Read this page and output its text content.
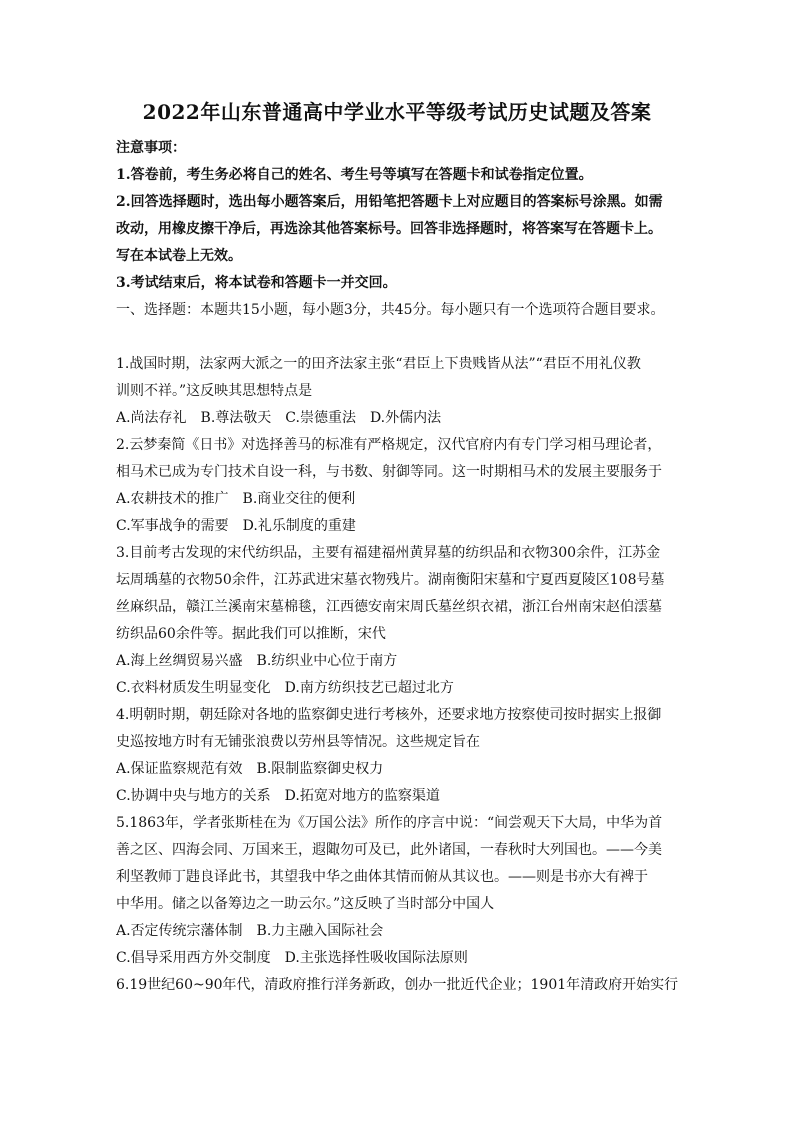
2022年山东普通高中学业水平等级考试历史试题及答案
注意事项：
1.答卷前，考生务必将自己的姓名、考生号等填写在答题卡和试卷指定位置。
2.回答选择题时，选出每小题答案后，用铅笔把答题卡上对应题目的答案标号涂黑。如需
改动，用橡皮擦干净后，再选涂其他答案标号。回答非选择题时，将答案写在答题卡上。
写在本试卷上无效。
3.考试结束后，将本试卷和答题卡一并交回。
一、选择题：本题共15小题，每小题3分，共45分。每小题只有一个选项符合题目要求。
1.战国时期，法家两大派之一的田齐法家主张“君臣上下贵贱皆从法”“君臣不用礼仪教
训则不祥。”这反映其思想特点是
A.尚法存礼　B.尊法敬天　C.崇德重法　D.外儒内法
2.云梦秦简《日书》对选择善马的标准有严格规定，汉代官府内有专门学习相马理论者，
相马术已成为专门技术自设一科，与书数、射御等同。这一时期相马术的发展主要服务于
A.农耕技术的推广　B.商业交往的便利
C.军事战争的需要　D.礼乐制度的重建
3.目前考古发现的宋代纺织品，主要有福建福州黄昇墓的纺织品和衣物300余件，江苏金
坛周瑀墓的衣物50余件，江苏武进宋墓衣物残片。湖南衡阳宋墓和宁夏西夏陵区108号墓
丝麻织品，赣江兰溪南宋墓棉毯，江西德安南宋周氏墓丝织衣裙，浙江台州南宋赵伯澐墓
纺织品60余件等。据此我们可以推断，宋代
A.海上丝绸贸易兴盛　B.纺织业中心位于南方
C.衣料材质发生明显变化　D.南方纺织技艺已超过北方
4.明朝时期，朝廷除对各地的监察御史进行考核外，还要求地方按察使司按时据实上报御
史巡按地方时有无铺张浪费以劳州县等情况。这些规定旨在
A.保证监察规范有效　B.限制监察御史权力
C.协调中央与地方的关系　D.拓宽对地方的监察渠道
5.1863年，学者张斯桂在为《万国公法》所作的序言中说：“间尝观天下大局，中华为首
善之区、四海会同、万国来王，遐陬勿可及已，此外诸国，一春秋时大列国也。——今美
利坚教师丁韪良译此书，其望我中华之曲体其情而俯从其议也。——则是书亦大有裨于
中华用。储之以备筹边之一助云尔。”这反映了当时部分中国人
A.否定传统宗藩体制　B.力主融入国际社会
C.倡导采用西方外交制度　D.主张选择性吸收国际法原则
6.19世纪60~90年代，清政府推行洋务新政，创办一批近代企业；1901年清政府开始实行
